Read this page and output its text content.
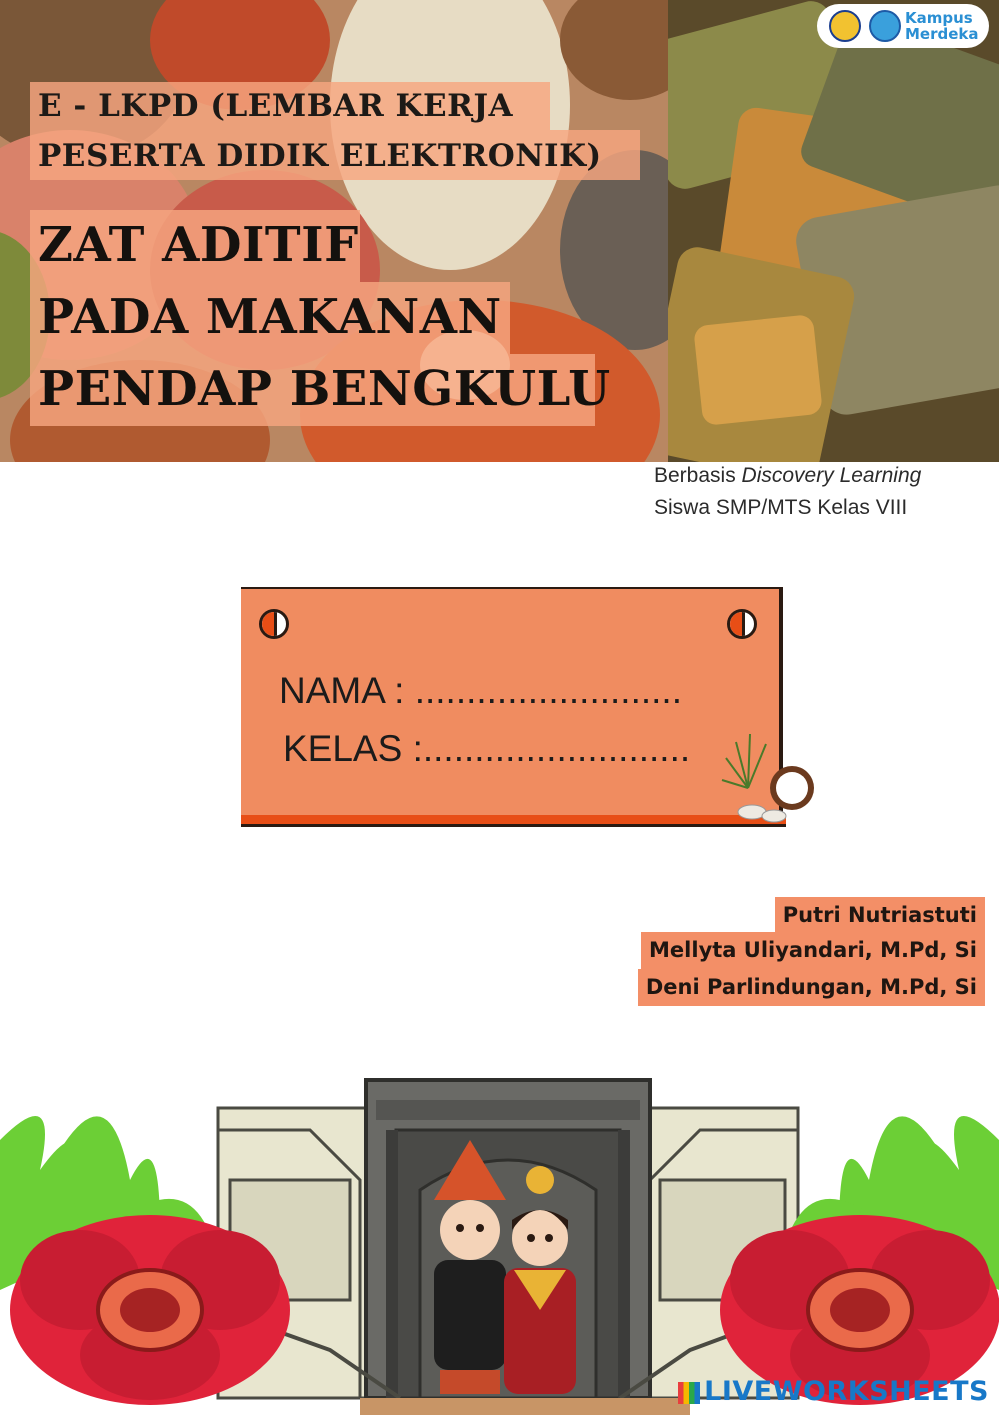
E - LKPD (LEMBAR KERJA
PESERTA DIDIK ELEKTRONIK)
ZAT ADITIF
PADA MAKANAN
PENDAP BENGKULU
Kampus
Merdeka
Berbasis Discovery Learning
Siswa SMP/MTS Kelas VIII
NAMA : ..........................
KELAS :..........................
Putri Nutriastuti
Mellyta Uliyandari, M.Pd, Si
Deni Parlindungan, M.Pd, Si
LIVEWORKSHEETS
